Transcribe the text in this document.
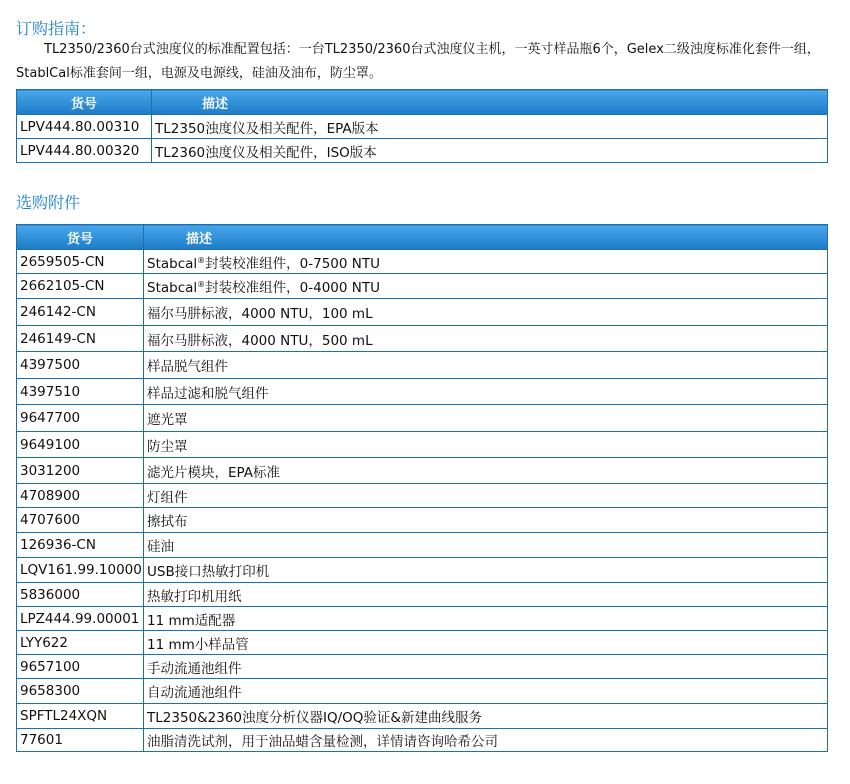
订购指南：
TL2350/2360台式浊度仪的标准配置包括：一台TL2350/2360台式浊度仪主机，一英寸样品瓶6个，Gelex二级浊度标准化套件一组，StablCal标准套间一组，电源及电源线，硅油及油布，防尘罩。
货号	描述
LPV444.80.00310	TL2350浊度仪及相关配件，EPA版本
LPV444.80.00320	TL2360浊度仪及相关配件，ISO版本
选购附件
货号	描述
2659505-CN	Stabcal®封装校准组件，0-7500 NTU
2662105-CN	Stabcal®封装校准组件，0-4000 NTU
246142-CN	福尔马肼标液，4000 NTU，100 mL
246149-CN	福尔马肼标液，4000 NTU，500 mL
4397500	样品脱气组件
4397510	样品过滤和脱气组件
9647700	遮光罩
9649100	防尘罩
3031200	滤光片模块，EPA标准
4708900	灯组件
4707600	擦拭布
126936-CN	硅油
LQV161.99.10000	USB接口热敏打印机
5836000	热敏打印机用纸
LPZ444.99.00001	11 mm适配器
LYY622	11 mm小样品管
9657100	手动流通池组件
9658300	自动流通池组件
SPFTL24XQN	TL2350&2360浊度分析仪器IQ/OQ验证&新建曲线服务
77601	油脂清洗试剂，用于油品蜡含量检测，详情请咨询哈希公司
